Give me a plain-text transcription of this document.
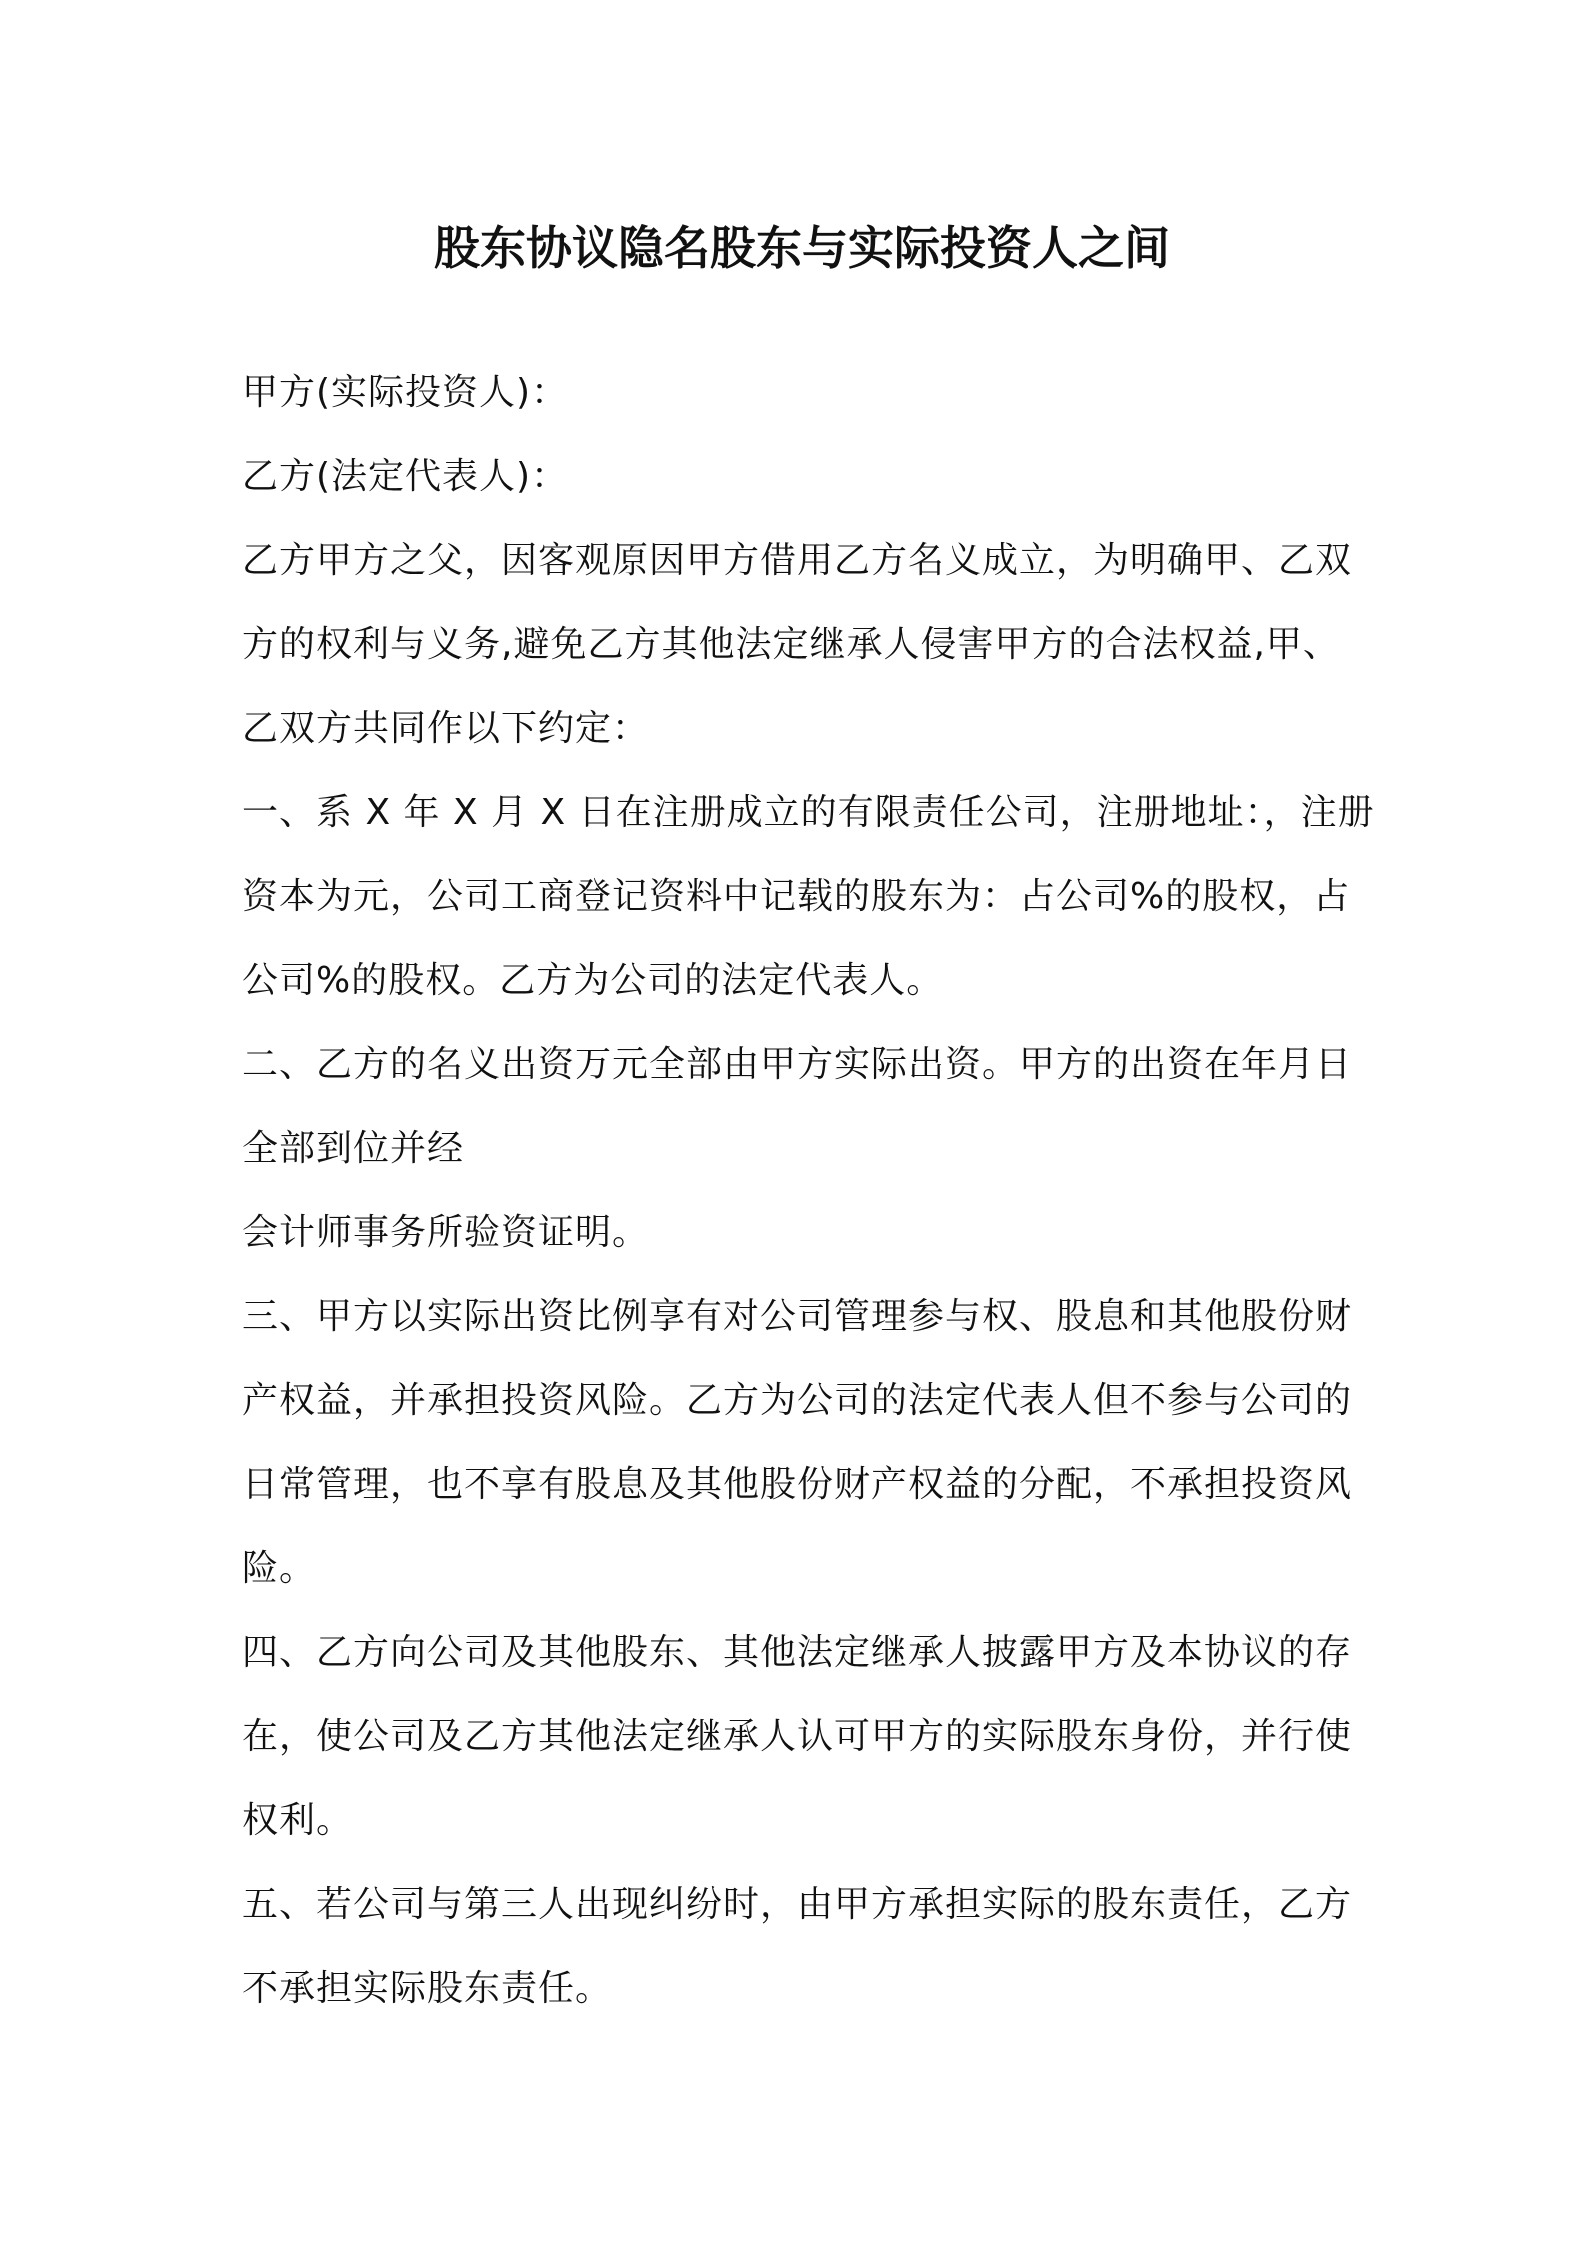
股东协议隐名股东与实际投资人之间
甲方(实际投资人)：
乙方(法定代表人)：
乙方甲方之父，因客观原因甲方借用乙方名义成立，为明确甲、乙双
方的权利与义务,避免乙方其他法定继承人侵害甲方的合法权益,甲、
乙双方共同作以下约定：
一、系 X 年 X 月 X 日在注册成立的有限责任公司，注册地址：，注册
资本为元，公司工商登记资料中记载的股东为：占公司%的股权，占
公司%的股权。乙方为公司的法定代表人。
二、乙方的名义出资万元全部由甲方实际出资。甲方的出资在年月日
全部到位并经
会计师事务所验资证明。
三、甲方以实际出资比例享有对公司管理参与权、股息和其他股份财
产权益，并承担投资风险。乙方为公司的法定代表人但不参与公司的
日常管理，也不享有股息及其他股份财产权益的分配，不承担投资风
险。
四、乙方向公司及其他股东、其他法定继承人披露甲方及本协议的存
在，使公司及乙方其他法定继承人认可甲方的实际股东身份，并行使
权利。
五、若公司与第三人出现纠纷时，由甲方承担实际的股东责任，乙方
不承担实际股东责任。
